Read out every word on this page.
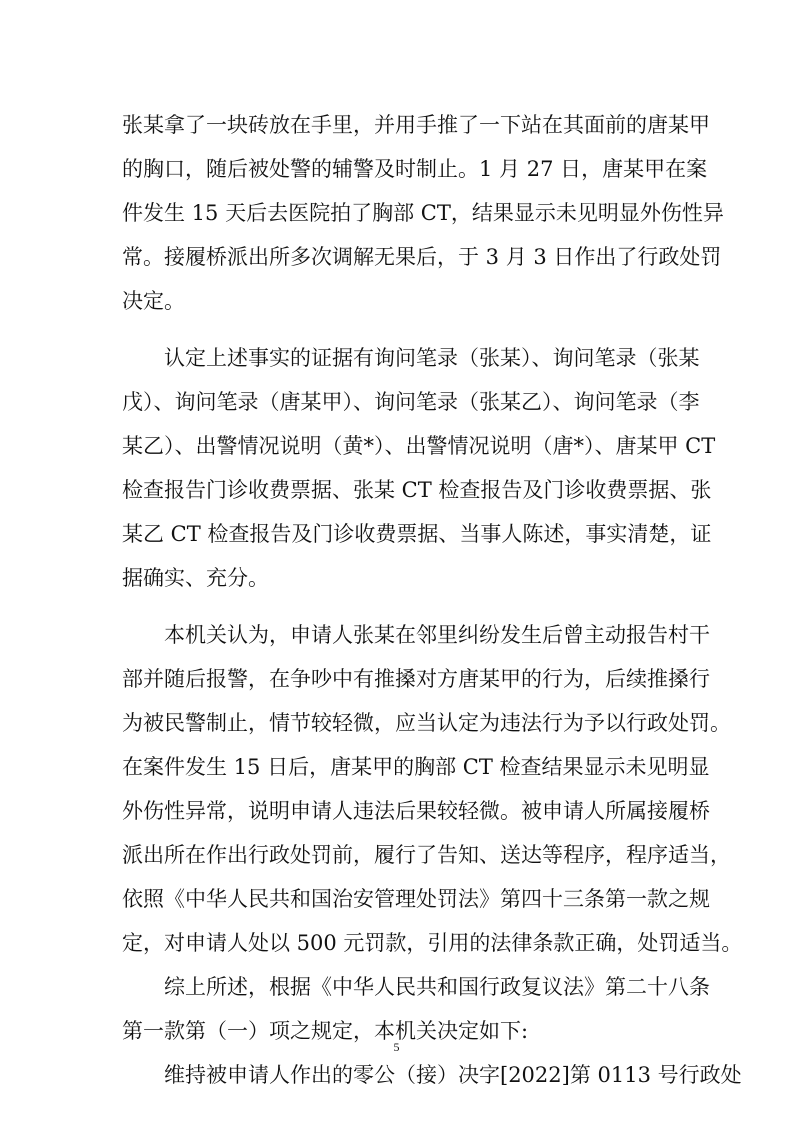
张某拿了一块砖放在手里，并用手推了一下站在其面前的唐某甲
的胸口，随后被处警的辅警及时制止。1 月 27 日，唐某甲在案
件发生 15 天后去医院拍了胸部 CT，结果显示未见明显外伤性异
常。接履桥派出所多次调解无果后，于 3 月 3 日作出了行政处罚
决定。
认定上述事实的证据有询问笔录（张某）、询问笔录（张某
戊）、询问笔录（唐某甲）、询问笔录（张某乙）、询问笔录（李
某乙）、出警情况说明（黄*）、出警情况说明（唐*）、唐某甲 CT
检查报告门诊收费票据、张某 CT 检查报告及门诊收费票据、张
某乙 CT 检查报告及门诊收费票据、当事人陈述，事实清楚，证
据确实、充分。
本机关认为，申请人张某在邻里纠纷发生后曾主动报告村干
部并随后报警，在争吵中有推搡对方唐某甲的行为，后续推搡行
为被民警制止，情节较轻微，应当认定为违法行为予以行政处罚。
在案件发生 15 日后，唐某甲的胸部 CT 检查结果显示未见明显
外伤性异常，说明申请人违法后果较轻微。被申请人所属接履桥
派出所在作出行政处罚前，履行了告知、送达等程序，程序适当，
依照《中华人民共和国治安管理处罚法》第四十三条第一款之规
定，对申请人处以 500 元罚款，引用的法律条款正确，处罚适当。
综上所述，根据《中华人民共和国行政复议法》第二十八条
第一款第（一）项之规定，本机关决定如下:
维持被申请人作出的零公（接）决字[2022]第 0113 号行政处
5
